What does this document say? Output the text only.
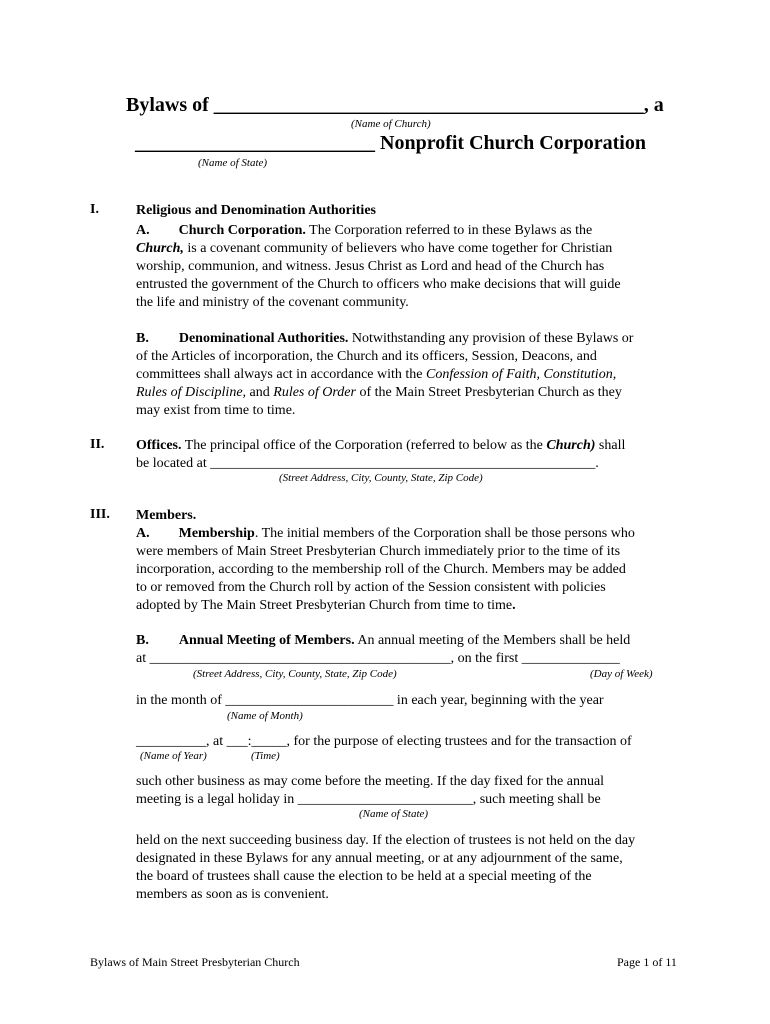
Bylaws of ___________________________________________, a
(Name of Church)
________________________ Nonprofit Church Corporation
(Name of State)
I.	Religious and Denomination Authorities
A. Church Corporation. The Corporation referred to in these Bylaws as the
Church, is a covenant community of believers who have come together for Christian
worship, communion, and witness. Jesus Christ as Lord and head of the Church has
entrusted the government of the Church to officers who make decisions that will guide
the life and ministry of the covenant community.
B. Denominational Authorities. Notwithstanding any provision of these Bylaws or
of the Articles of incorporation, the Church and its officers, Session, Deacons, and
committees shall always act in accordance with the Confession of Faith, Constitution,
Rules of Discipline, and Rules of Order of the Main Street Presbyterian Church as they
may exist from time to time.
II. Offices. The principal office of the Corporation (referred to below as the Church) shall
be located at _______________________________________________________.
(Street Address, City, County, State, Zip Code)
III. Members.
A. Membership. The initial members of the Corporation shall be those persons who
were members of Main Street Presbyterian Church immediately prior to the time of its
incorporation, according to the membership roll of the Church. Members may be added
to or removed from the Church roll by action of the Session consistent with policies
adopted by The Main Street Presbyterian Church from time to time.
B. Annual Meeting of Members. An annual meeting of the Members shall be held
at ___________________________________________, on the first ______________
(Street Address, City, County, State, Zip Code)	(Day of Week)
in the month of ________________________ in each year, beginning with the year
(Name of Month)
__________, at ___:_____, for the purpose of electing trustees and for the transaction of
(Name of Year)	(Time)
such other business as may come before the meeting. If the day fixed for the annual
meeting is a legal holiday in _________________________, such meeting shall be
(Name of State)
held on the next succeeding business day. If the election of trustees is not held on the day
designated in these Bylaws for any annual meeting, or at any adjournment of the same,
the board of trustees shall cause the election to be held at a special meeting of the
members as soon as is convenient.
Bylaws of Main Street Presbyterian Church	Page 1 of 11
